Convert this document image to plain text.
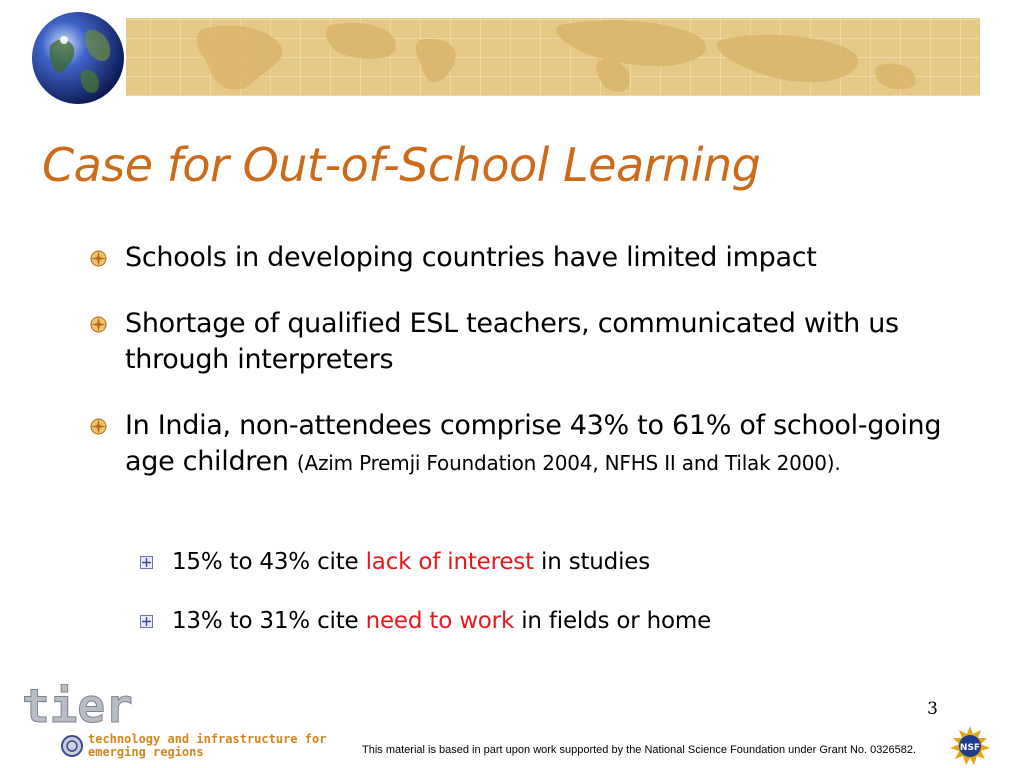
Case for Out-of-School Learning
Schools in developing countries have limited impact
Shortage of qualified ESL teachers, communicated with us through interpreters
In India, non-attendees comprise 43% to 61% of school-going age children (Azim Premji Foundation 2004, NFHS II and Tilak 2000).
15% to 43% cite lack of interest in studies
13% to 31% cite need to work in fields or home
3
tier
technology and infrastructure for
emerging regions	This material is based in part upon work supported by the National Science Foundation under Grant No. 0326582.	NSF
